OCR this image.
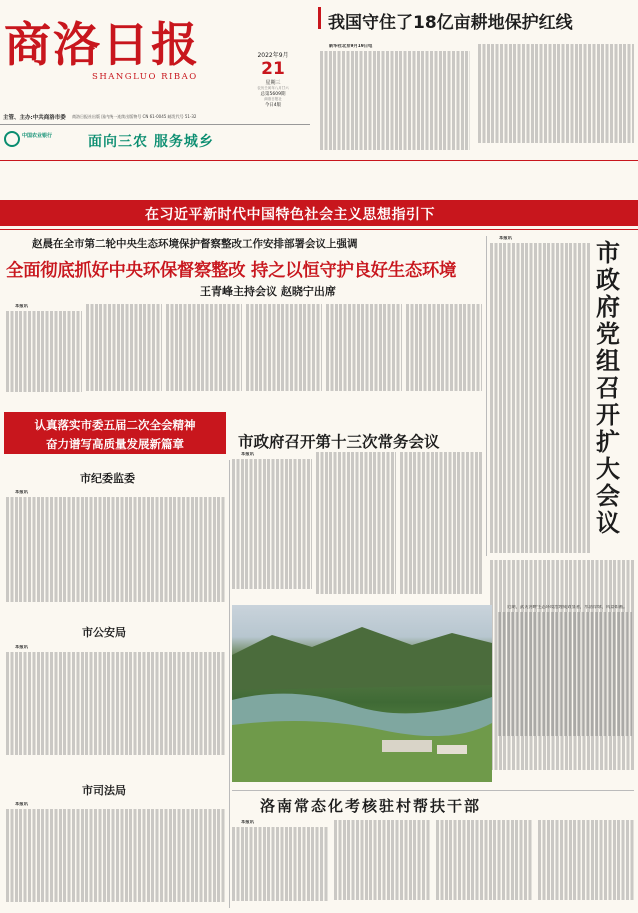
商洛日报
SHANGLUO RIBAO
主管、主办:中共商洛市委 商洛日报社出版 国内统一连续出版物号 CN 61-0045 邮发代号 51-32
中国农业银行	面向三农 服务城乡
2022年9月
21
星期三
农历壬寅年八月廿六
总第5609期
商洛日报社
今日4版
我国守住了18亿亩耕地保护红线

新华社北京9月19日电

在习近平新时代中国特色社会主义思想指引下
赵晨在全市第二轮中央生态环境保护督察整改工作安排部署会议上强调
全面彻底抓好中央环保督察整改 持之以恒守护良好生态环境
王青峰主持会议 赵晓宁出席

本报讯

本报讯

市政府党组召开扩大会议
认真落实市委五届二次全会精神
奋力谱写高质量发展新篇章
市纪委监委

本报讯

市公安局

本报讯

市司法局

本报讯

市政府召开第十三次常务会议

本报讯

近期，武关河畔生态环境治理成效显著，水清岸绿、风景如画。

洛南常态化考核驻村帮扶干部

本报讯
